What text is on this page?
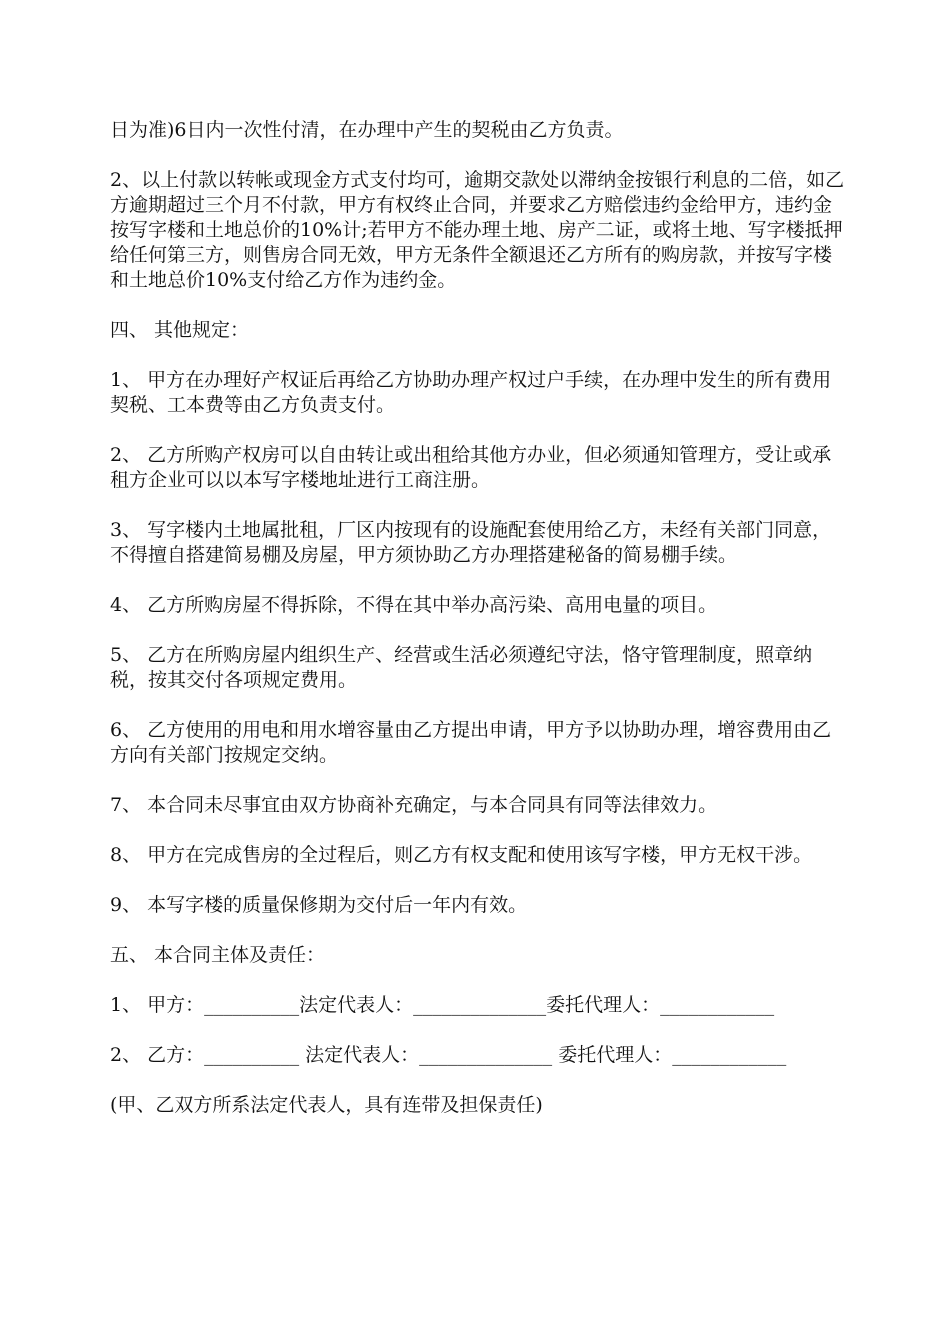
日为准)6日内一次性付清，在办理中产生的契税由乙方负责。

2、以上付款以转帐或现金方式支付均可，逾期交款处以滞纳金按银行利息的二倍，如乙方逾期超过三个月不付款，甲方有权终止合同，并要求乙方赔偿违约金给甲方，违约金按写字楼和土地总价的10%计;若甲方不能办理土地、房产二证，或将土地、写字楼抵押给任何第三方，则售房合同无效，甲方无条件全额退还乙方所有的购房款，并按写字楼和土地总价10%支付给乙方作为违约金。

四、 其他规定：

1、 甲方在办理好产权证后再给乙方协助办理产权过户手续，在办理中发生的所有费用契税、工本费等由乙方负责支付。

2、 乙方所购产权房可以自由转让或出租给其他方办业，但必须通知管理方，受让或承租方企业可以以本写字楼地址进行工商注册。

3、 写字楼内土地属批租，厂区内按现有的设施配套使用给乙方，未经有关部门同意，不得擅自搭建简易棚及房屋，甲方须协助乙方办理搭建秘备的简易棚手续。

4、 乙方所购房屋不得拆除，不得在其中举办高污染、高用电量的项目。

5、 乙方在所购房屋内组织生产、经营或生活必须遵纪守法，恪守管理制度，照章纳税，按其交付各项规定费用。

6、 乙方使用的用电和用水增容量由乙方提出申请，甲方予以协助办理，增容费用由乙方向有关部门按规定交纳。

7、 本合同未尽事宜由双方协商补充确定，与本合同具有同等法律效力。

8、 甲方在完成售房的全过程后，则乙方有权支配和使用该写字楼，甲方无权干涉。

9、 本写字楼的质量保修期为交付后一年内有效。

五、 本合同主体及责任：

1、 甲方：__________法定代表人：______________委托代理人：____________

2、 乙方：__________ 法定代表人：______________ 委托代理人：____________

(甲、乙双方所系法定代表人，具有连带及担保责任)
